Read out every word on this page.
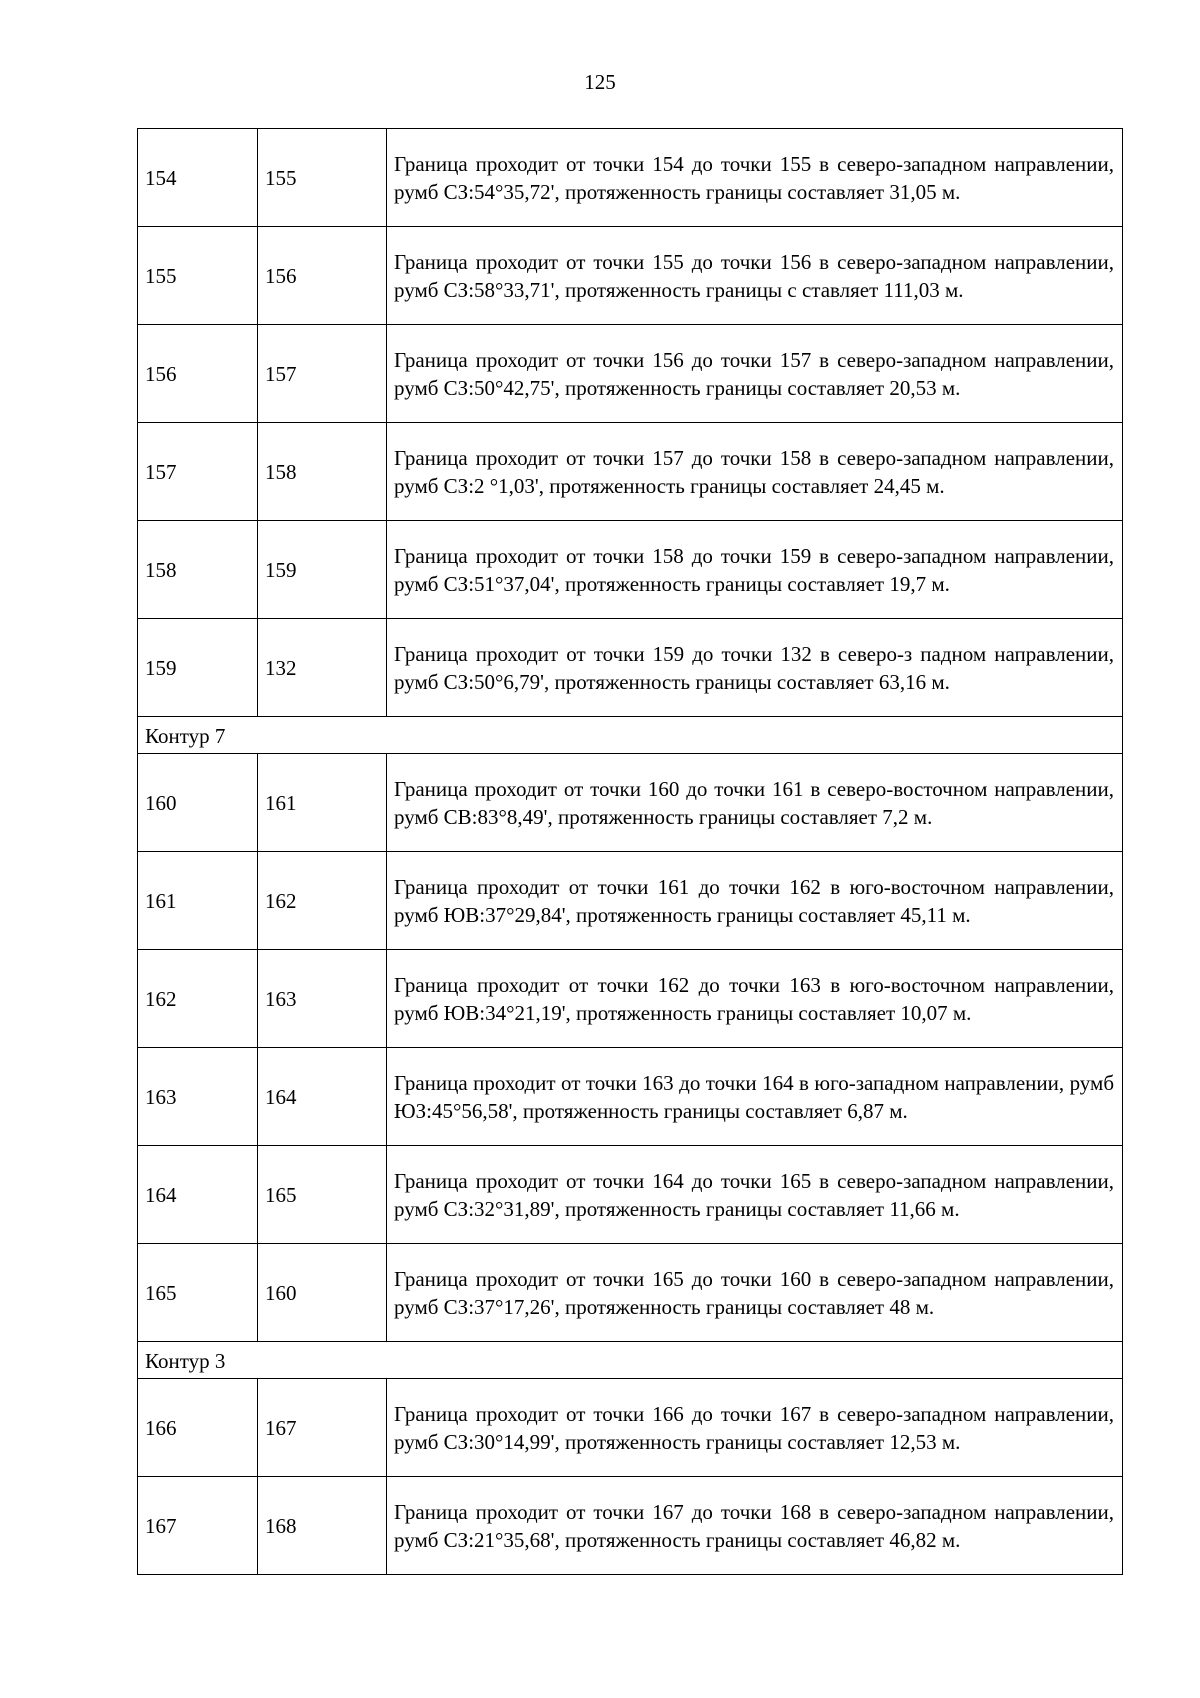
125
154	155	Граница проходит от точки 154 до точки 155 в северо-западном направлении, румб СЗ:54°35,72', протяженность границы составляет 31,05 м.
155	156	Граница проходит от точки 155 до точки 156 в северо-западном направлении, румб СЗ:58°33,71', протяженность границы с ставляет 111,03 м.
156	157	Граница проходит от точки 156 до точки 157 в северо-западном направлении, румб СЗ:50°42,75', протяженность границы составляет 20,53 м.
157	158	Граница проходит от точки 157 до точки 158 в северо-западном направлении, румб СЗ:2 °1,03', протяженность границы составляет 24,45 м.
158	159	Граница проходит от точки 158 до точки 159 в северо-западном направлении, румб СЗ:51°37,04', протяженность границы составляет 19,7 м.
159	132	Граница проходит от точки 159 до точки 132 в северо-з падном направлении, румб СЗ:50°6,79', протяженность границы составляет 63,16 м.
Контур 7		
160	161	Граница проходит от точки 160 до точки 161 в северо-восточном направлении, румб СВ:83°8,49', протяженность границы составляет 7,2 м.
161	162	Граница проходит от точки 161 до точки 162 в юго-восточном направлении, румб ЮВ:37°29,84', протяженность границы составляет 45,11 м.
162	163	Граница проходит от точки 162 до точки 163 в юго-восточном направлении, румб ЮВ:34°21,19', протяженность границы составляет 10,07 м.
163	164	Граница проходит от точки 163 до точки 164 в юго-западном направлении, румб ЮЗ:45°56,58', протяженность границы составляет 6,87 м.
164	165	Граница проходит от точки 164 до точки 165 в северо-западном направлении, румб СЗ:32°31,89', протяженность границы составляет 11,66 м.
165	160	Граница проходит от точки 165 до точки 160 в северо-западном направлении, румб СЗ:37°17,26', протяженность границы составляет 48 м.
Контур 3		
166	167	Граница проходит от точки 166 до точки 167 в северо-западном направлении, румб СЗ:30°14,99', протяженность границы составляет 12,53 м.
167	168	Граница проходит от точки 167 до точки 168 в северо-западном направлении, румб СЗ:21°35,68', протяженность границы составляет 46,82 м.
